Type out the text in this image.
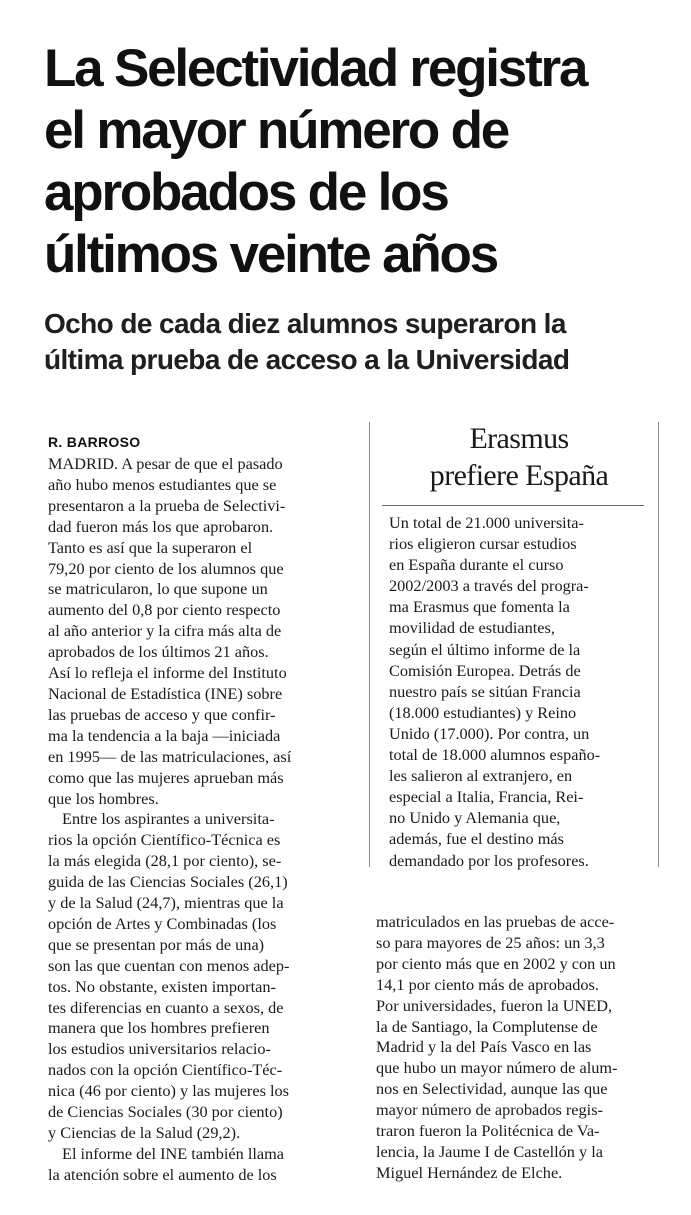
La Selectividad registra
el mayor número de
aprobados de los
últimos veinte años
Ocho de cada diez alumnos superaron la
última prueba de acceso a la Universidad
R. BARROSO
MADRID. A pesar de que el pasado
año hubo menos estudiantes que se
presentaron a la prueba de Selectivi-
dad fueron más los que aprobaron.
Tanto es así que la superaron el
79,20 por ciento de los alumnos que
se matricularon, lo que supone un
aumento del 0,8 por ciento respecto
al año anterior y la cifra más alta de
aprobados de los últimos 21 años.
Así lo refleja el informe del Instituto
Nacional de Estadística (INE) sobre
las pruebas de acceso y que confir-
ma la tendencia a la baja —iniciada
en 1995— de las matriculaciones, así
como que las mujeres aprueban más
que los hombres.
Entre los aspirantes a universita-
rios la opción Científico-Técnica es
la más elegida (28,1 por ciento), se-
guida de las Ciencias Sociales (26,1)
y de la Salud (24,7), mientras que la
opción de Artes y Combinadas (los
que se presentan por más de una)
son las que cuentan con menos adep-
tos. No obstante, existen importan-
tes diferencias en cuanto a sexos, de
manera que los hombres prefieren
los estudios universitarios relacio-
nados con la opción Científico-Téc-
nica (46 por ciento) y las mujeres los
de Ciencias Sociales (30 por ciento)
y Ciencias de la Salud (29,2).
El informe del INE también llama
la atención sobre el aumento de los
Erasmus
prefiere España
Un total de 21.000 universita-
rios eligieron cursar estudios
en España durante el curso
2002/2003 a través del progra-
ma Erasmus que fomenta la
movilidad de estudiantes,
según el último informe de la
Comisión Europea. Detrás de
nuestro país se sitúan Francia
(18.000 estudiantes) y Reino
Unido (17.000). Por contra, un
total de 18.000 alumnos españo-
les salieron al extranjero, en
especial a Italia, Francia, Rei-
no Unido y Alemania que,
además, fue el destino más
demandado por los profesores.
matriculados en las pruebas de acce-
so para mayores de 25 años: un 3,3
por ciento más que en 2002 y con un
14,1 por ciento más de aprobados.
Por universidades, fueron la UNED,
la de Santiago, la Complutense de
Madrid y la del País Vasco en las
que hubo un mayor número de alum-
nos en Selectividad, aunque las que
mayor número de aprobados regis-
traron fueron la Politécnica de Va-
lencia, la Jaume I de Castellón y la
Miguel Hernández de Elche.
